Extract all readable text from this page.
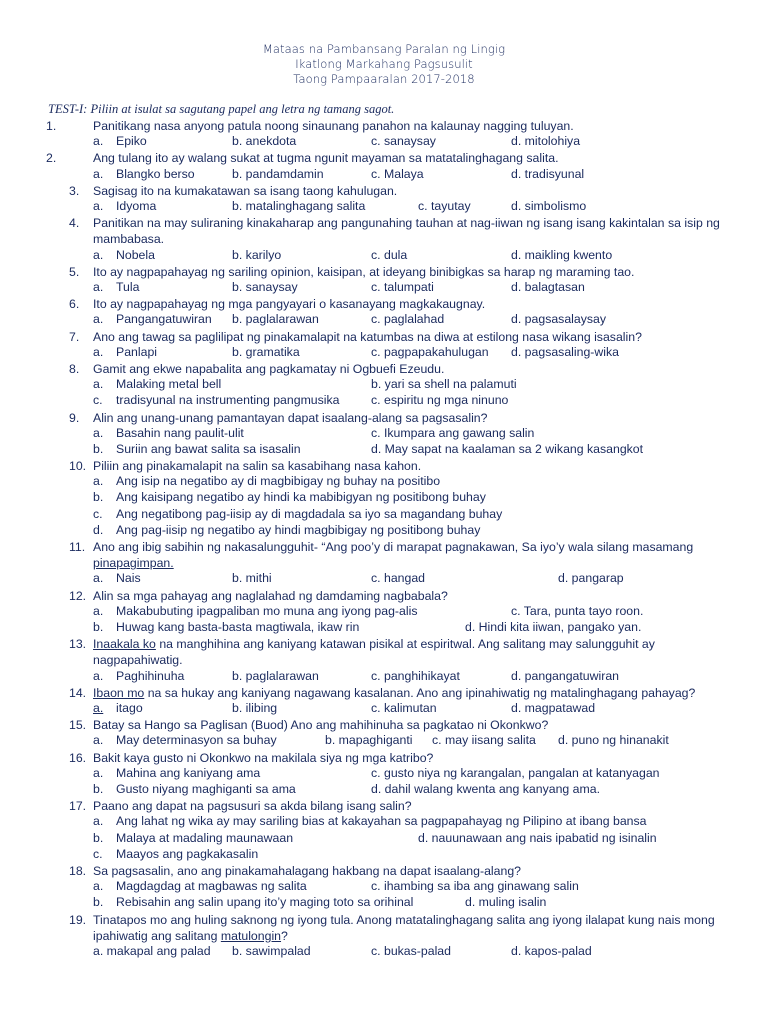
Mataas na Pambansang Paralan ng Lingig
Ikatlong Markahang Pagsusulit
Taong Pampaaralan 2017-2018
TEST-I: Piliin at isulat sa sagutang papel ang letra ng tamang sagot.
1.	Panitikang nasa anyong patula noong sinaunang panahon na kalaunay nagging tuluyan.
a. Epiko	b. anekdota	c. sanaysay	d. mitolohiya
2.	Ang tulang ito ay walang sukat at tugma ngunit mayaman sa matatalinghagang salita.
a. Blangko berso	b. pandamdamin	c. Malaya	d. tradisyunal
3. Sagisag ito na kumakatawan sa isang taong kahulugan.
a. Idyoma	b. matalinghagang salita	c. tayutay	d. simbolismo
4. Panitikan na may suliraning kinakaharap ang pangunahing tauhan at nag-iiwan ng isang isang kakintalan sa isip ng mambabasa.
a. Nobela	b. karilyo	c. dula	d. maikling kwento
5. Ito ay nagpapahayag ng sariling opinion, kaisipan, at ideyang binibigkas sa harap ng maraming tao.
a. Tula	b. sanaysay	c. talumpati	d. balagtasan
6. Ito ay nagpapahayag ng mga pangyayari o kasanayang magkakaugnay.
a. Pangangatuwiran b. paglalarawan	c. paglalahad	d. pagsasalaysay
7. Ano ang tawag sa paglilipat ng pinakamalapit na katumbas na diwa at estilong nasa wikang isasalin?
a. Panlapi	b. gramatika	c. pagpapakahulugan d. pagsasaling-wika
8. Gamit ang ekwe napabalita ang pagkamatay ni Ogbuefi Ezeudu.
a. Malaking metal bell	b. yari sa shell na palamuti
c. tradisyunal na instrumenting pangmusika	c. espiritu ng mga ninuno
9. Alin ang unang-unang pamantayan dapat isaalang-alang sa pagsasalin?
a. Basahin nang paulit-ulit	c. Ikumpara ang gawang salin
b. Suriin ang bawat salita sa isasalin	d. May sapat na kaalaman sa 2 wikang kasangkot
10. Piliin ang pinakamalapit na salin sa kasabihang nasa kahon.
a. Ang isip na negatibo ay di magbibigay ng buhay na positibo
b. Ang kaisipang negatibo ay hindi ka mabibigyan ng positibong buhay
c. Ang negatibong pag-iisip ay di magdadala sa iyo sa magandang buhay
d. Ang pag-iisip ng negatibo ay hindi magbibigay ng positibong buhay
11. Ano ang ibig sabihin ng nakasalungguhit- “Ang poo’y di marapat pagnakawan, Sa iyo’y wala silang masamang pinapagimpan.
a. Nais	b. mithi	c. hangad	d. pangarap
12. Alin sa mga pahayag ang naglalahad ng damdaming nagbabala?
a. Makabubuting ipagpaliban mo muna ang iyong pag-alis	c. Tara, punta tayo roon.
b. Huwag kang basta-basta magtiwala, ikaw rin	d. Hindi kita iiwan, pangako yan.
13. Inaakala ko na manghihina ang kaniyang katawan pisikal at espiritwal. Ang salitang may salungguhit ay nagpapahiwatig.
a. Paghihinuha	b. paglalarawan	c. panghihikayat	d. pangangatuwiran
14. Ibaon mo na sa hukay ang kaniyang nagawang kasalanan. Ano ang ipinahiwatig ng matalinghagang pahayag?
a. itago	b. ilibing	c. kalimutan	d. magpatawad
15. Batay sa Hango sa Paglisan (Buod) Ano ang mahihinuha sa pagkatao ni Okonkwo?
a. May determinasyon sa buhay	b. mapaghiganti c. may iisang salita d. puno ng hinanakit
16. Bakit kaya gusto ni Okonkwo na makilala siya ng mga katribo?
a. Mahina ang kaniyang ama	c. gusto niya ng karangalan, pangalan at katanyagan
b. Gusto niyang maghiganti sa ama	d. dahil walang kwenta ang kanyang ama.
17. Paano ang dapat na pagsusuri sa akda bilang isang salin?
a. Ang lahat ng wika ay may sariling bias at kakayahan sa pagpapahayag ng Pilipino at ibang bansa
b. Malaya at madaling maunawaan	d. nauunawaan ang nais ipabatid ng isinalin
c. Maayos ang pagkakasalin
18. Sa pagsasalin, ano ang pinakamahalagang hakbang na dapat isaalang-alang?
a. Magdagdag at magbawas ng salita	c. ihambing sa iba ang ginawang salin
b. Rebisahin ang salin upang ito’y maging toto sa orihinal	d. muling isalin
19. Tinatapos mo ang huling saknong ng iyong tula. Anong matatalinghagang salita ang iyong ilalapat kung nais mong ipahiwatig ang salitang matulongin?
a. makapal ang palad b. sawimpalad	c. bukas-palad	d. kapos-palad
